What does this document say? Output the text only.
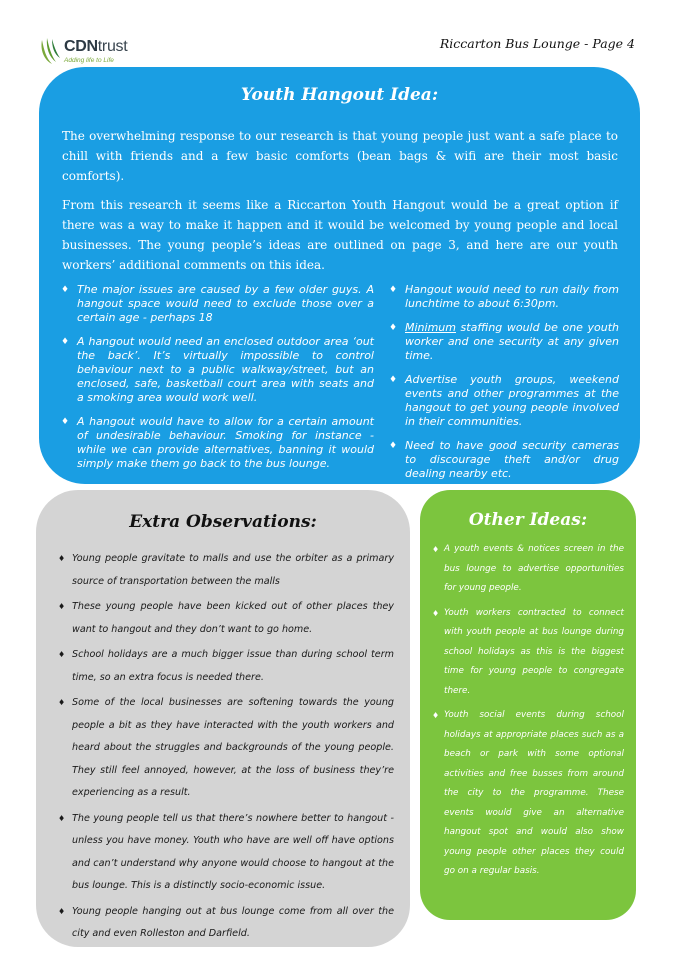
CDNtrust
Adding life to Life
Riccarton Bus Lounge - Page 4
Youth Hangout Idea:

The overwhelming response to our research is that young people just want a safe place to chill with friends and a few basic comforts (bean bags & wifi are their most basic comforts).

From this research it seems like a Riccarton Youth Hangout would be a great option if there was a way to make it happen and it would be welcomed by young people and local businesses. The young people’s ideas are outlined on page 3, and here are our youth workers’ additional comments on this idea.

♦ The major issues are caused by a few older guys. A hangout space would need to exclude those over a certain age - perhaps 18
♦ A hangout would need an enclosed outdoor area ‘out the back’. It’s virtually impossible to control behaviour next to a public walkway/street, but an enclosed, safe, basketball court area with seats and a smoking area would work well.
♦ A hangout would have to allow for a certain amount of undesirable behaviour. Smoking for instance - while we can provide alternatives, banning it would simply make them go back to the bus lounge.
♦ Hangout would need to run daily from lunchtime to about 6:30pm.
♦ Minimum staffing would be one youth worker and one security at any given time.
♦ Advertise youth groups, weekend events and other programmes at the hangout to get young people involved in their communities.
♦ Need to have good security cameras to discourage theft and/or drug dealing nearby etc.
Extra Observations:
♦ Young people gravitate to malls and use the orbiter as a primary source of transportation between the malls
♦ These young people have been kicked out of other places they want to hangout and they don’t want to go home.
♦ School holidays are a much bigger issue than during school term time, so an extra focus is needed there.
♦ Some of the local businesses are softening towards the young people a bit as they have interacted with the youth workers and heard about the struggles and backgrounds of the young people. They still feel annoyed, however, at the loss of business they’re experiencing as a result.
♦ The young people tell us that there’s nowhere better to hangout - unless you have money. Youth who have are well off have options and can’t understand why anyone would choose to hangout at the bus lounge. This is a distinctly socio-economic issue.
♦ Young people hanging out at bus lounge come from all over the city and even Rolleston and Darfield.
Other Ideas:
♦ A youth events & notices screen in the bus lounge to advertise opportunities for young people.
♦ Youth workers contracted to connect with youth people at bus lounge during school holidays as this is the biggest time for young people to congregate there.
♦ Youth social events during school holidays at appropriate places such as a beach or park with some optional activities and free busses from around the city to the programme. These events would give an alternative hangout spot and would also show young people other places they could go on a regular basis.
